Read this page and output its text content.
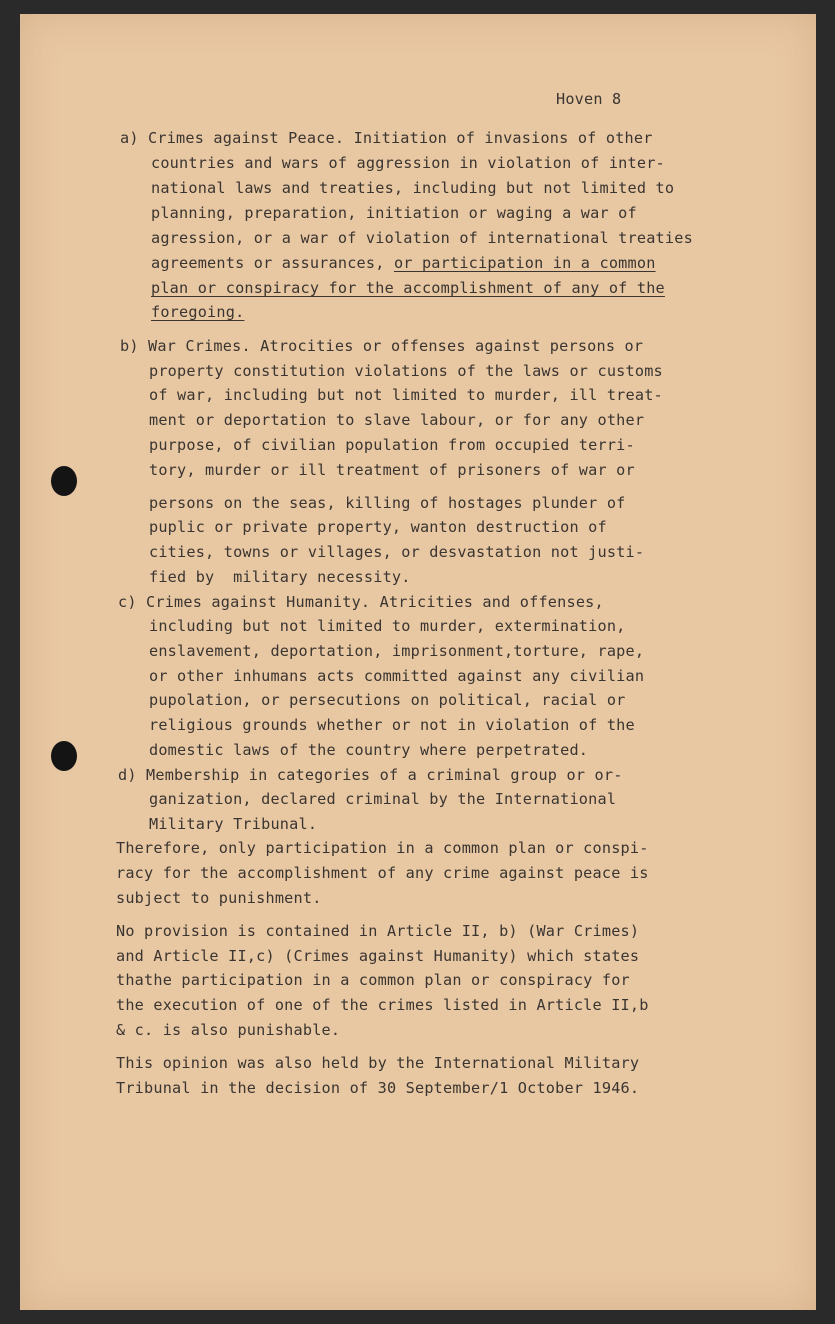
Hoven 8
a) Crimes against Peace. Initiation of invasions of other
countries and wars of aggression in violation of inter-
national laws and treaties, including but not limited to
planning, preparation, initiation or waging a war of
agression, or a war of violation of international treaties
agreements or assurances, or participation in a common
plan or conspiracy for the accomplishment of any of the
foregoing.
b) War Crimes. Atrocities or offenses against persons or
property constitution violations of the laws or customs
of war, including but not limited to murder, ill treat-
ment or deportation to slave labour, or for any other
purpose, of civilian population from occupied terri-
tory, murder or ill treatment of prisoners of war or
persons on the seas, killing of hostages plunder of
puplic or private property, wanton destruction of
cities, towns or villages, or desvastation not justi-
fied by  military necessity.
c) Crimes against Humanity. Atricities and offenses,
including but not limited to murder, extermination,
enslavement, deportation, imprisonment,torture, rape,
or other inhumans acts committed against any civilian
pupolation, or persecutions on political, racial or
religious grounds whether or not in violation of the
domestic laws of the country where perpetrated.
d) Membership in categories of a criminal group or or-
ganization, declared criminal by the International
Military Tribunal.
Therefore, only participation in a common plan or conspi-
racy for the accomplishment of any crime against peace is
subject to punishment.
No provision is contained in Article II, b) (War Crimes)
and Article II,c) (Crimes against Humanity) which states
thathe participation in a common plan or conspiracy for
the execution of one of the crimes listed in Article II,b
& c. is also punishable.
This opinion was also held by the International Military
Tribunal in the decision of 30 September/1 October 1946.
